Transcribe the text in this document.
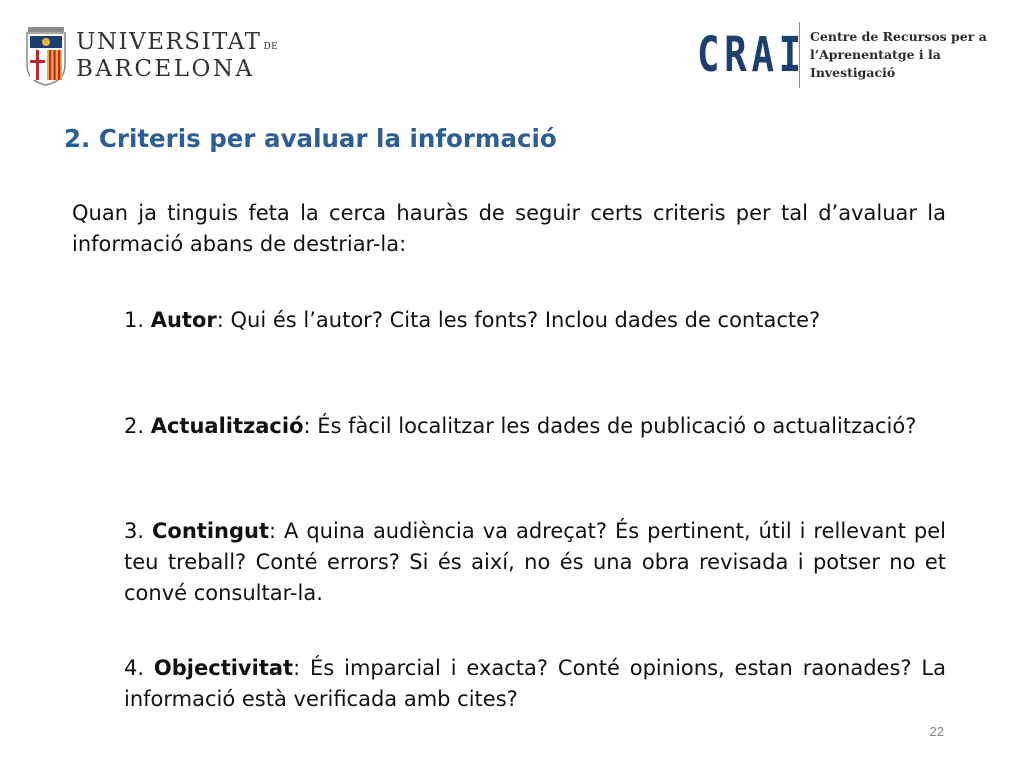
UNIVERSITAT DE
BARCELONA	CRAI Centre de Recursos per a
l’Aprenentatge i la Investigació
2. Criteris per avaluar la informació

Quan ja tinguis feta la cerca hauràs de seguir certs criteris per tal d’avaluar la informació abans de destriar-la:

1. Autor: Qui és l’autor? Cita les fonts? Inclou dades de contacte?

2. Actualització: És fàcil localitzar les dades de publicació o actualització?

3. Contingut: A quina audiència va adreçat? És pertinent, útil i rellevant pel teu treball? Conté errors? Si és així, no és una obra revisada i potser no et convé consultar-la.

4. Objectivitat: És imparcial i exacta? Conté opinions, estan raonades? La informació està verificada amb cites?

22
